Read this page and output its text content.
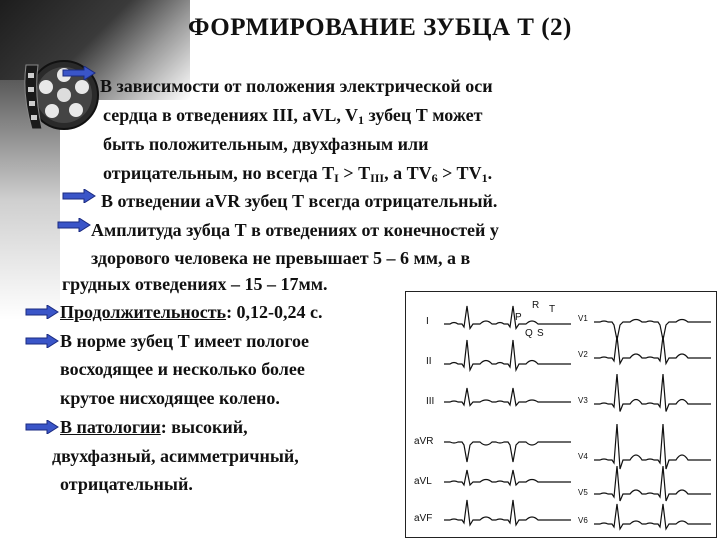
ФОРМИРОВАНИЕ ЗУБЦА Т (2)
В зависимости от положения электрической оси
сердца в отведениях III, aVL, $V_1$ зубец Т может
быть положительным, двухфазным или
отрицательным, но всегда $Т_I > Т_{III}$, а $TV_6 > TV_1$.
В отведении aVR зубец Т всегда отрицательный.
Амплитуда зубца Т в отведениях от конечностей у
здорового человека не превышает 5 – 6 мм, а в
грудных отведениях – 15 – 17мм.
Продолжительность: 0,12-0,24 с.
В норме зубец Т имеет пологое
восходящее и несколько более
крутое нисходящее колено.
В патологии: высокий,
двухфазный, асимметричный,
отрицательный.
P
R T
Q S
I
II
III
aVR
aVL
aVF
V1
V2
V3
V4
V5
V6
